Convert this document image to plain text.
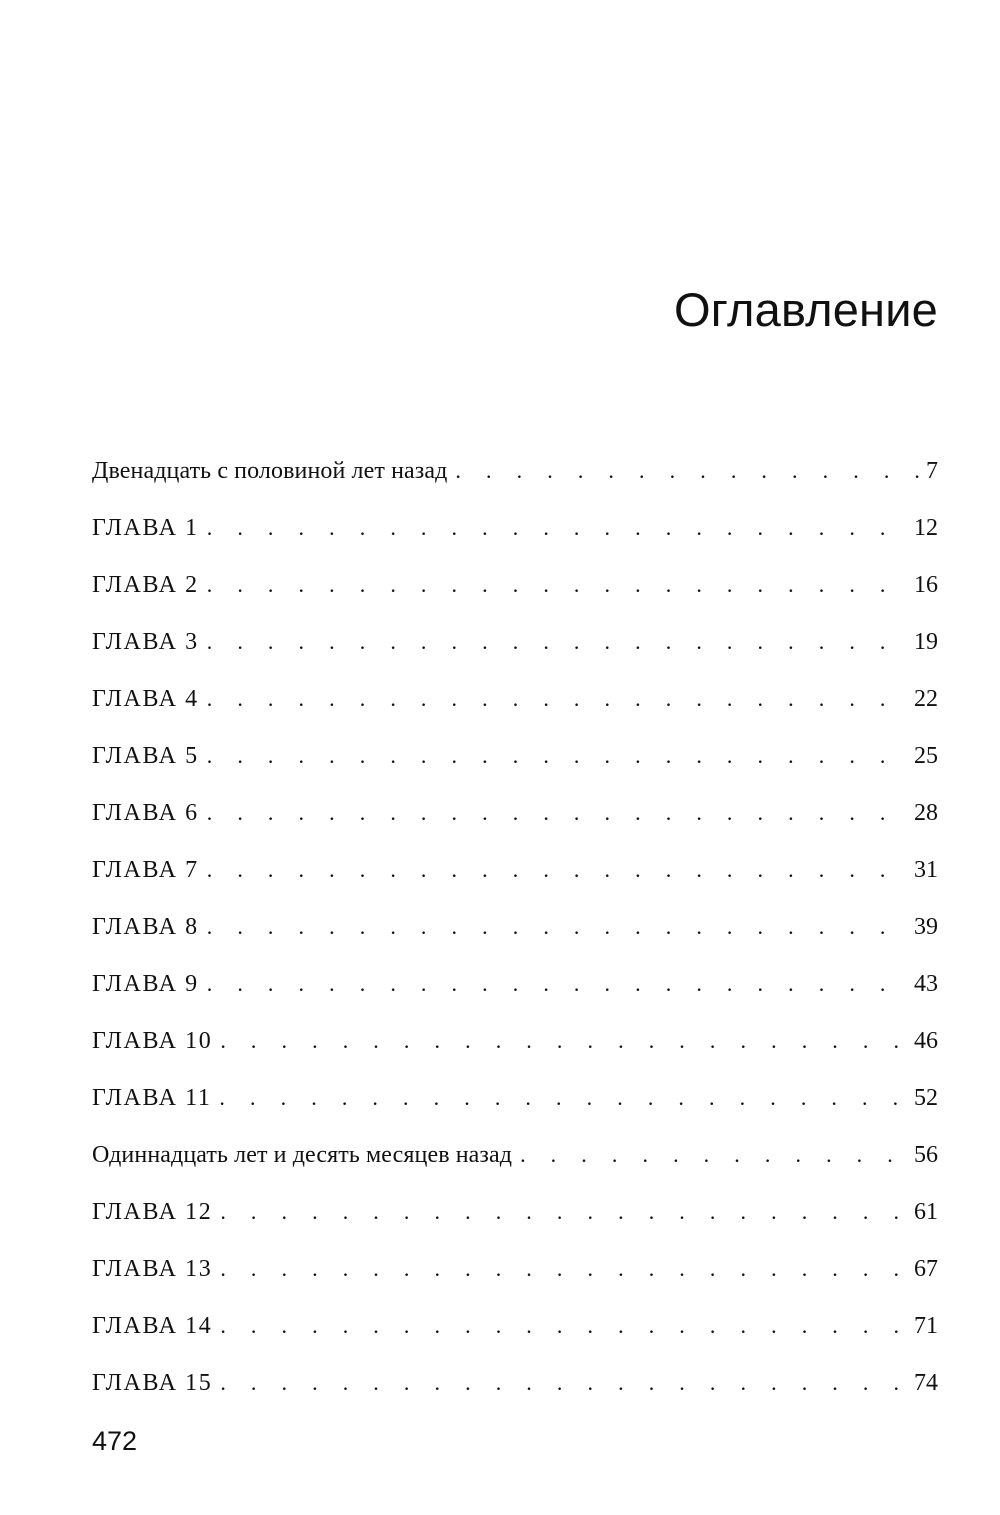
Оглавление
Двенадцать с половиной лет назад . . .	7
ГЛАВА 1 . . .	12
ГЛАВА 2 . . .	16
ГЛАВА 3 . . .	19
ГЛАВА 4 . . .	22
ГЛАВА 5 . . .	25
ГЛАВА 6 . . .	28
ГЛАВА 7 . . .	31
ГЛАВА 8 . . .	39
ГЛАВА 9 . . .	43
ГЛАВА 10 . . .	46
ГЛАВА 11 . . .	52
Одиннадцать лет и десять месяцев назад . . .	56
ГЛАВА 12 . . .	61
ГЛАВА 13 . . .	67
ГЛАВА 14 . . .	71
ГЛАВА 15 . . .	74
472
